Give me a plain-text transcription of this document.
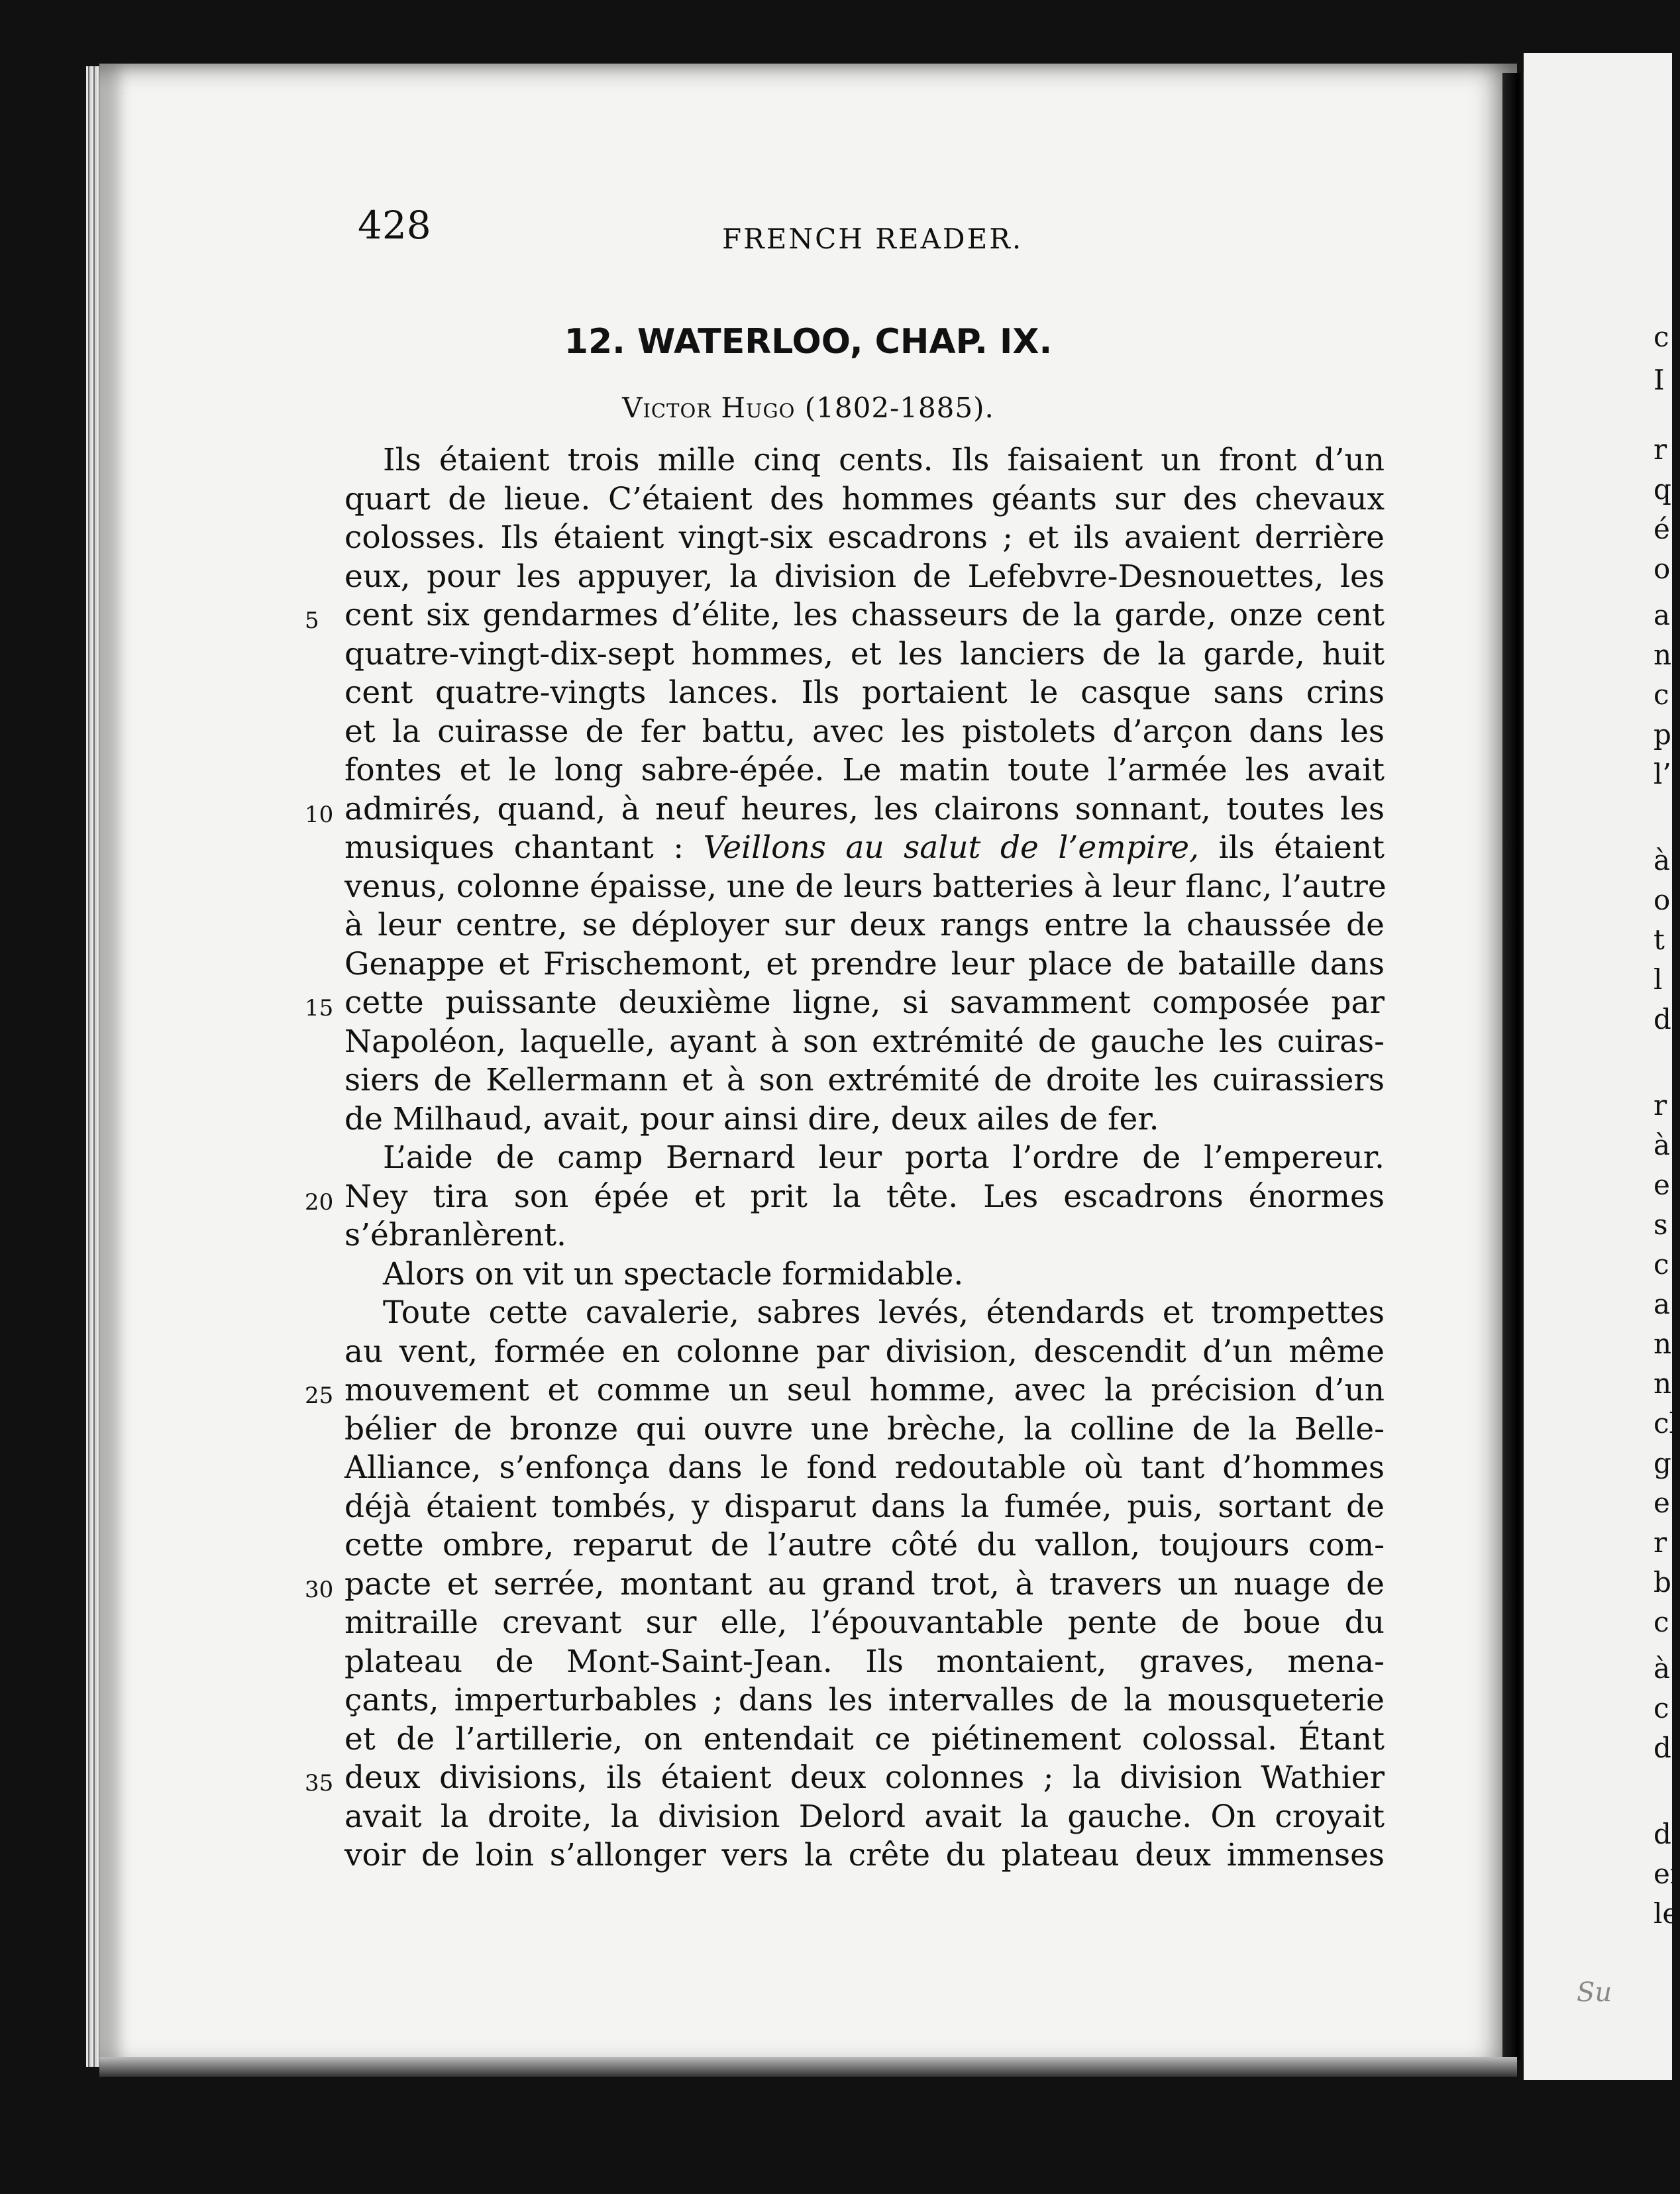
428	FRENCH READER.
12. WATERLOO, CHAP. IX.
Victor Hugo (1802-1885).
Ils étaient trois mille cinq cents. Ils faisaient un front d’un
quart de lieue. C’étaient des hommes géants sur des chevaux
colosses. Ils étaient vingt-six escadrons ; et ils avaient derrière
eux, pour les appuyer, la division de Lefebvre-Desnouettes, les
5 cent six gendarmes d’élite, les chasseurs de la garde, onze cent
quatre-vingt-dix-sept hommes, et les lanciers de la garde, huit
cent quatre-vingts lances. Ils portaient le casque sans crins
et la cuirasse de fer battu, avec les pistolets d’arçon dans les
fontes et le long sabre-épée. Le matin toute l’armée les avait
10 admirés, quand, à neuf heures, les clairons sonnant, toutes les
musiques chantant : Veillons au salut de l’empire, ils étaient
venus, colonne épaisse, une de leurs batteries à leur flanc, l’autre
à leur centre, se déployer sur deux rangs entre la chaussée de
Genappe et Frischemont, et prendre leur place de bataille dans
15 cette puissante deuxième ligne, si savamment composée par
Napoléon, laquelle, ayant à son extrémité de gauche les cuiras-
siers de Kellermann et à son extrémité de droite les cuirassiers
de Milhaud, avait, pour ainsi dire, deux ailes de fer.
L’aide de camp Bernard leur porta l’ordre de l’empereur.
20 Ney tira son épée et prit la tête. Les escadrons énormes
s’ébranlèrent.
Alors on vit un spectacle formidable.
Toute cette cavalerie, sabres levés, étendards et trompettes
au vent, formée en colonne par division, descendit d’un même
25 mouvement et comme un seul homme, avec la précision d’un
bélier de bronze qui ouvre une brèche, la colline de la Belle-
Alliance, s’enfonça dans le fond redoutable où tant d’hommes
déjà étaient tombés, y disparut dans la fumée, puis, sortant de
cette ombre, reparut de l’autre côté du vallon, toujours com-
30 pacte et serrée, montant au grand trot, à travers un nuage de
mitraille crevant sur elle, l’épouvantable pente de boue du
plateau de Mont-Saint-Jean. Ils montaient, graves, mena-
çants, imperturbables ; dans les intervalles de la mousqueterie
et de l’artillerie, on entendait ce piétinement colossal. Étant
35 deux divisions, ils étaient deux colonnes ; la division Wathier
avait la droite, la division Delord avait la gauche. On croyait
voir de loin s’allonger vers la crête du plateau deux immenses
c
I
r
q
é
o
a
n
c
p
l’
à
o
t
l
d
r
à
e
s
c
a
n
n
cl
g
e
r
b
c
à
c
d
d
ef
le
Su
